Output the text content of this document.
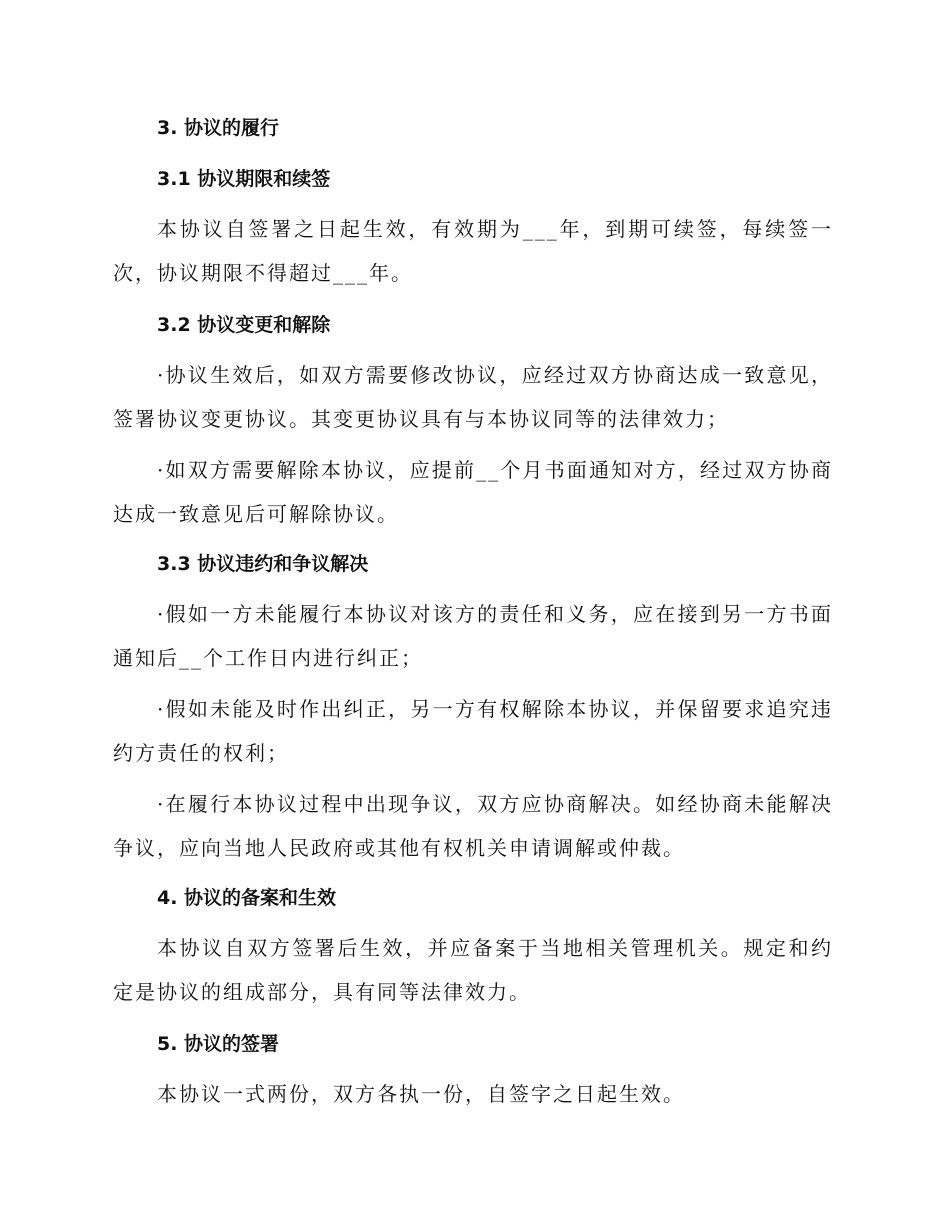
3. 协议的履行
3.1 协议期限和续签

本协议自签署之日起生效，有效期为___年，到期可续签，每续签一次，协议期限不得超过___年。

3.2 协议变更和解除

·协议生效后，如双方需要修改协议，应经过双方协商达成一致意见，签署协议变更协议。其变更协议具有与本协议同等的法律效力；

·如双方需要解除本协议，应提前__个月书面通知对方，经过双方协商达成一致意见后可解除协议。

3.3 协议违约和争议解决

·假如一方未能履行本协议对该方的责任和义务，应在接到另一方书面通知后__个工作日内进行纠正；

·假如未能及时作出纠正，另一方有权解除本协议，并保留要求追究违约方责任的权利；

·在履行本协议过程中出现争议，双方应协商解决。如经协商未能解决争议，应向当地人民政府或其他有权机关申请调解或仲裁。

4. 协议的备案和生效

本协议自双方签署后生效，并应备案于当地相关管理机关。规定和约定是协议的组成部分，具有同等法律效力。

5. 协议的签署

本协议一式两份，双方各执一份，自签字之日起生效。
